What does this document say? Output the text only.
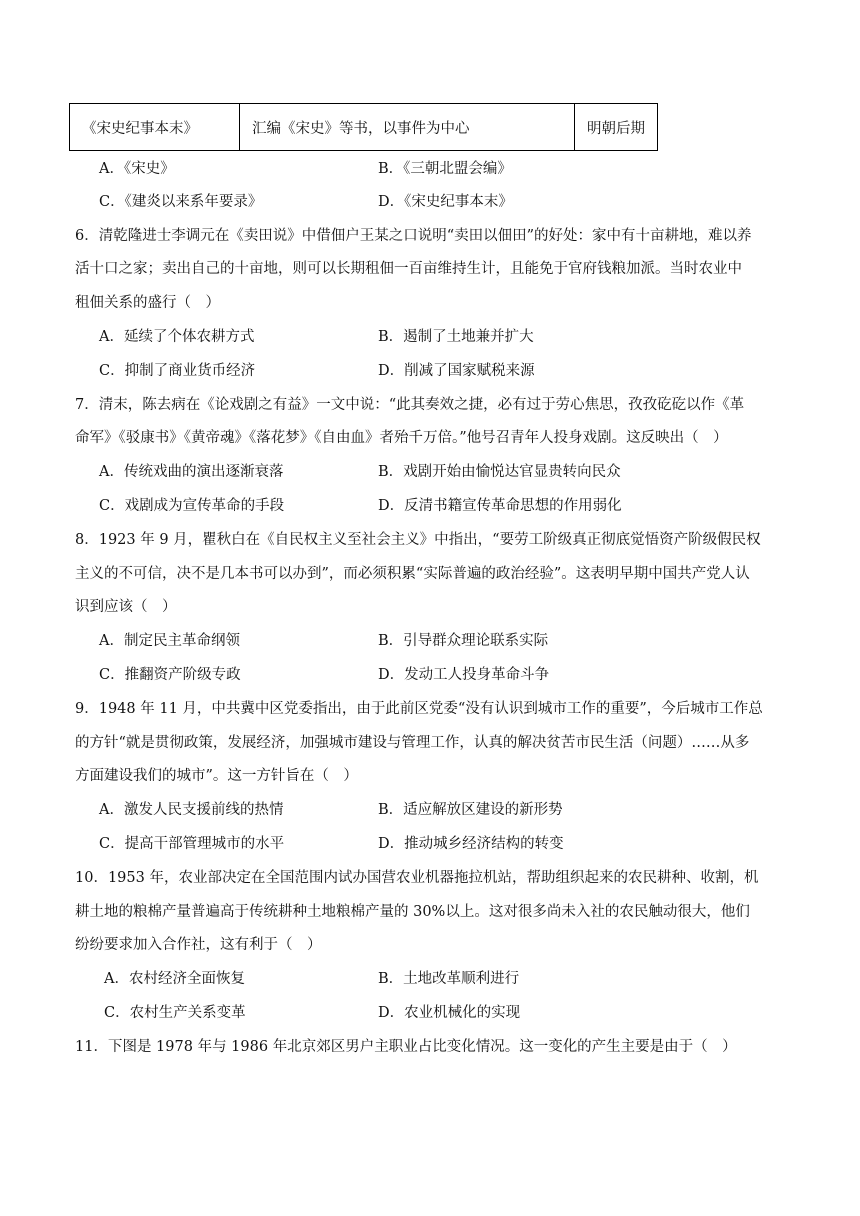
《宋史纪事本末》	汇编《宋史》等书，以事件为中心	明朝后期
A．《宋史》	B．《三朝北盟会编》
C．《建炎以来系年要录》	D．《宋史纪事本末》
6．清乾隆进士李调元在《卖田说》中借佃户王某之口说明“卖田以佃田”的好处：家中有十亩耕地，难以养
活十口之家；卖出自己的十亩地，则可以长期租佃一百亩维持生计，且能免于官府钱粮加派。当时农业中
租佃关系的盛行（　）
A．延续了个体农耕方式	B．遏制了土地兼并扩大
C．抑制了商业货币经济	D．削减了国家赋税来源
7．清末，陈去病在《论戏剧之有益》一文中说：“此其奏效之捷，必有过于劳心焦思，孜孜矻矻以作《革
命军》《驳康书》《黄帝魂》《落花梦》《自由血》者殆千万倍。”他号召青年人投身戏剧。这反映出（　）
A．传统戏曲的演出逐渐衰落	B．戏剧开始由愉悦达官显贵转向民众
C．戏剧成为宣传革命的手段	D．反清书籍宣传革命思想的作用弱化
8．1923 年 9 月，瞿秋白在《自民权主义至社会主义》中指出，“要劳工阶级真正彻底觉悟资产阶级假民权
主义的不可信，决不是几本书可以办到”，而必须积累“实际普遍的政治经验”。这表明早期中国共产党人认
识到应该（　）
A．制定民主革命纲领	B．引导群众理论联系实际
C．推翻资产阶级专政	D．发动工人投身革命斗争
9．1948 年 11 月，中共冀中区党委指出，由于此前区党委“没有认识到城市工作的重要”，今后城市工作总
的方针“就是贯彻政策，发展经济，加强城市建设与管理工作，认真的解决贫苦市民生活（问题）……从多
方面建设我们的城市”。这一方针旨在（　）
A．激发人民支援前线的热情	B．适应解放区建设的新形势
C．提高干部管理城市的水平	D．推动城乡经济结构的转变
10．1953 年，农业部决定在全国范围内试办国营农业机器拖拉机站，帮助组织起来的农民耕种、收割，机
耕土地的粮棉产量普遍高于传统耕种土地粮棉产量的 30%以上。这对很多尚未入社的农民触动很大，他们
纷纷要求加入合作社，这有利于（　）
A．农村经济全面恢复	B．土地改革顺利进行
C．农村生产关系变革	D．农业机械化的实现
11．下图是 1978 年与 1986 年北京郊区男户主职业占比变化情况。这一变化的产生主要是由于（　）
